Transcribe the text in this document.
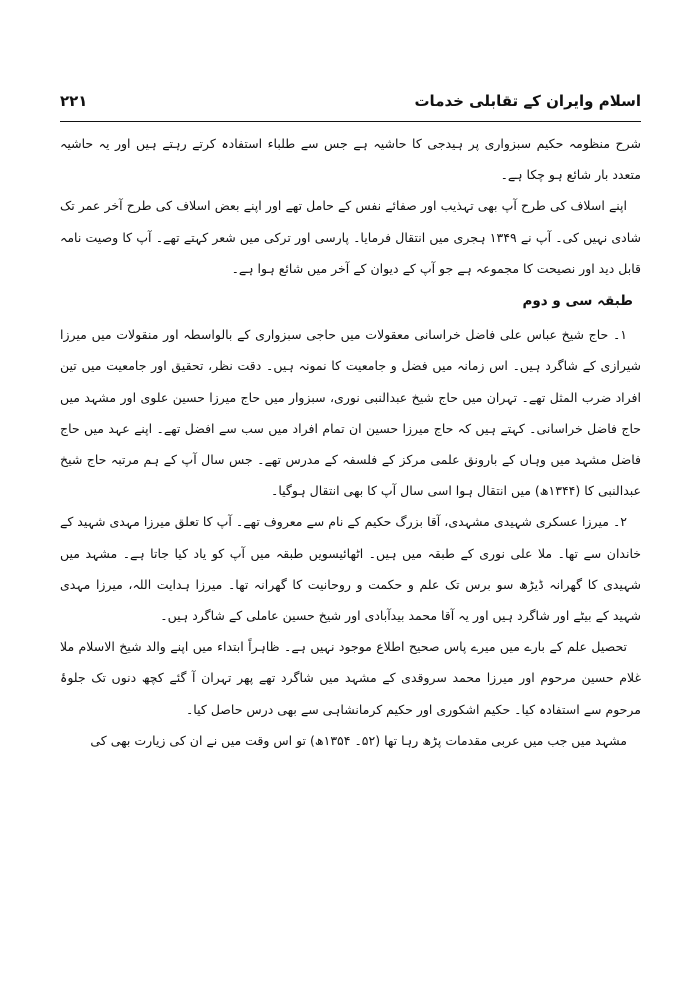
اسلام وایران کے تقابلی خدمات
۲۲۱

شرح منظومہ حکیم سبزواری پر ہیدجی کا حاشیہ ہے جس سے طلباء استفادہ کرتے رہتے ہیں اور یہ حاشیہ متعدد بار شائع ہو چکا ہے۔

اپنے اسلاف کی طرح آپ بھی تہذیب اور صفائے نفس کے حامل تھے اور اپنے بعض اسلاف کی طرح آخر عمر تک شادی نہیں کی۔ آپ نے ۱۳۴۹ ہجری میں انتقال فرمایا۔ پارسی اور ترکی میں شعر کہتے تھے۔ آپ کا وصیت نامہ قابل دید اور نصیحت کا مجموعہ ہے جو آپ کے دیوان کے آخر میں شائع ہوا ہے۔

طبقہ سی و دوم

۱۔ حاج شیخ عباس علی فاضل خراسانی معقولات میں حاجی سبزواری کے بالواسطہ اور منقولات میں میرزا شیرازی کے شاگرد ہیں۔ اس زمانہ میں فضل و جامعیت کا نمونہ ہیں۔ دقت نظر، تحقیق اور جامعیت میں تین افراد ضرب المثل تھے۔ تہران میں حاج شیخ عبدالنبی نوری، سبزوار میں حاج میرزا حسین علوی اور مشہد میں حاج فاضل خراسانی۔ کہتے ہیں کہ حاج میرزا حسین ان تمام افراد میں سب سے افضل تھے۔ اپنے عہد میں حاج فاضل مشہد میں وہاں کے بارونق علمی مرکز کے فلسفہ کے مدرس تھے۔ جس سال آپ کے ہم مرتبہ حاج شیخ عبدالنبی کا (۱۳۴۴ھ) میں انتقال ہوا اسی سال آپ کا بھی انتقال ہوگیا۔

۲۔ میرزا عسکری شہیدی مشہدی، آقا بزرگ حکیم کے نام سے معروف تھے۔ آپ کا تعلق میرزا مہدی شہید کے خاندان سے تھا۔ ملا علی نوری کے طبقہ میں ہیں۔ اٹھائیسویں طبقہ میں آپ کو یاد کیا جاتا ہے۔ مشہد میں شہیدی کا گھرانہ ڈیڑھ سو برس تک علم و حکمت و روحانیت کا گھرانہ تھا۔ میرزا ہدایت اللہ، میرزا مہدی شہید کے بیٹے اور شاگرد ہیں اور یہ آقا محمد بیدآبادی اور شیخ حسین عاملی کے شاگرد ہیں۔

تحصیل علم کے بارے میں میرے پاس صحیح اطلاع موجود نہیں ہے۔ ظاہراً ابتداء میں اپنے والد شیخ الاسلام ملا غلام حسین مرحوم اور میرزا محمد سروقدی کے مشہد میں شاگرد تھے پھر تہران آ گئے کچھ دنوں تک جلوۂ مرحوم سے استفادہ کیا۔ حکیم اشکوری اور حکیم کرمانشاہی سے بھی درس حاصل کیا۔

مشہد میں جب میں عربی مقدمات پڑھ رہا تھا (۵۲۔ ۱۳۵۴ھ) تو اس وقت میں نے ان کی زیارت بھی کی
